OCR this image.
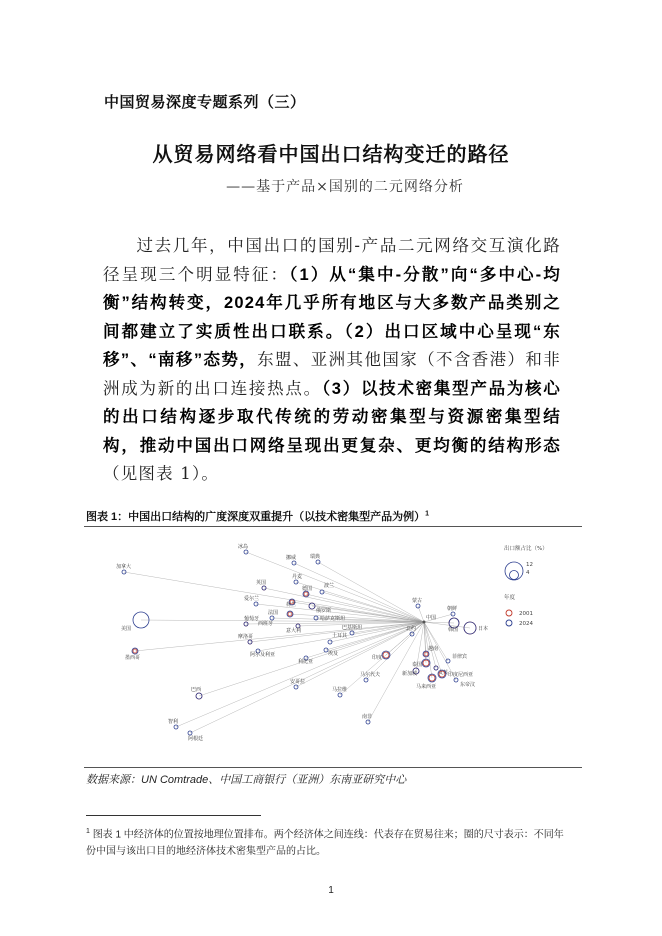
中国贸易深度专题系列（三）
从贸易网络看中国出口结构变迁的路径
——基于产品×国别的二元网络分析
过去几年，中国出口的国别-产品二元网络交互演化路径呈现三个明显特征：（1）从“集中-分散”向“多中心-均衡”结构转变，2024年几乎所有地区与大多数产品类别之间都建立了实质性出口联系。（2）出口区域中心呈现“东移”、“南移”态势，东盟、亚洲其他国家（不含香港）和非洲成为新的出口连接热点。（3）以技术密集型产品为核心的出口结构逐步取代传统的劳动密集型与资源密集型结构，推动中国出口网络呈现出更复杂、更均衡的结构形态（见图表 1）。
图表 1：中国出口结构的广度深度双重提升（以技术密集型产品为例）$^1$
冰岛
挪威	瑞典
加拿大
英国
丹麦
爱尔兰
德国 波兰
荷兰
俄罗斯
法国
哈萨克斯坦
西班牙
葡萄牙
意大利
摩洛哥	土耳其
阿尔及利亚	埃及
利比亚
美国
墨西哥
蒙古
朝鲜
韩国	日本
巴基斯坦
印度
越南
菲律宾
文莱
泰国
新加坡
马来西亚
印度尼西亚
东帝汶
马尔代夫
安哥拉
马拉维
南非
巴西
智利
阿根廷
北约
中国
出口额占比（%）
12
4
年度
2001
2024
数据来源：UN Comtrade、中国工商银行（亚洲）东南亚研究中心
$^1$ 图表 1 中经济体的位置按地理位置排布。两个经济体之间连线：代表存在贸易往来；圈的尺寸表示：不同年份中国与该出口目的地经济体技术密集型产品的占比。
1
